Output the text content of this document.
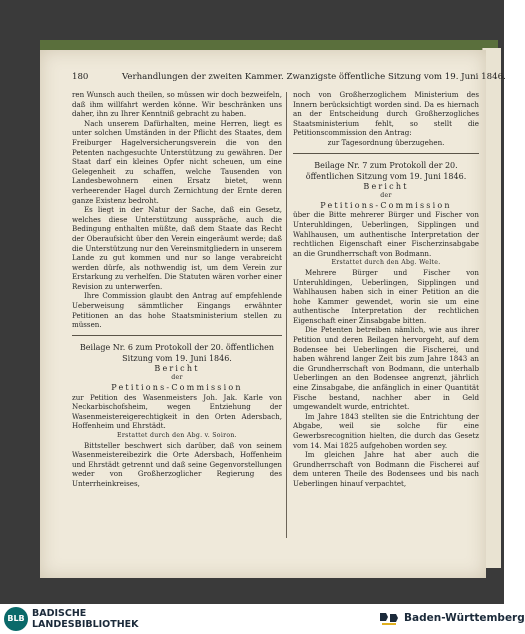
180	Verhandlungen der zweiten Kammer. Zwanzigste öffentliche Sitzung vom 19. Juni 1846.

ren Wunsch auch theilen, so müssen wir doch bezweifeln, daß ihm willfahrt werden könne. Wir beschränken uns daher, ihn zu Ihrer Kenntniß gebracht zu haben.

Nach unserem Dafürhalten, meine Herren, liegt es unter solchen Umständen in der Pflicht des Staates, dem Freiburger Hagelversicherungsverein die von den Petenten nachgesuchte Unterstützung zu gewähren. Der Staat darf ein kleines Opfer nicht scheuen, um eine Gelegenheit zu schaffen, welche Tausenden von Landesbewohnern einen Ersatz bietet, wenn verheerender Hagel durch Zernichtung der Ernte deren ganze Existenz bedroht.

Es liegt in der Natur der Sache, daß ein Gesetz, welches diese Unterstützung ausspräche, auch die Bedingung enthalten müßte, daß dem Staate das Recht der Oberaufsicht über den Verein eingeräumt werde; daß die Unterstützung nur den Vereinsmitgliedern in unserem Lande zu gut kommen und nur so lange verabreicht werden dürfe, als nothwendig ist, um dem Verein zur Erstarkung zu verhelfen. Die Statuten wären vorher einer Revision zu unterwerfen.

Ihre Commission glaubt den Antrag auf empfehlende Ueberweisung sämmtlicher Eingangs erwähnter Petitionen an das hohe Staatsministerium stellen zu müssen.

Beilage Nr. 6 zum Protokoll der 20. öffentlichen Sitzung vom 19. Juni 1846.

Bericht

der

Petitions-Commission

zur Petition des Wasenmeisters Joh. Jak. Karle von Neckarbischofsheim, wegen Entziehung der Wasenmeistereigerechtigkeit in den Orten Adersbach, Hoffenheim und Ehrstädt.

Erstattet durch den Abg. v. Soiron.

Bittsteller beschwert sich darüber, daß von seinem Wasenmeistereibezirk die Orte Adersbach, Hoffenheim und Ehrstädt getrennt und daß seine Gegenvorstellungen weder von Großherzoglicher Regierung des Unterrheinkreises,

noch von Großherzoglichem Ministerium des Innern berücksichtigt worden sind. Da es hiernach an der Entscheidung durch Großherzogliches Staatsministerium fehlt, so stellt die Petitionscommission den Antrag:

zur Tagesordnung überzugehen.

Beilage Nr. 7 zum Protokoll der 20. öffentlichen Sitzung vom 19. Juni 1846.

Bericht

der

Petitions-Commission

über die Bitte mehrerer Bürger und Fischer von Unteruhldingen, Ueberlingen, Sipplingen und Wahlhausen, um authentische Interpretation der rechtlichen Eigenschaft einer Fischerzinsabgabe an die Grundherrschaft von Bodmann.

Erstattet durch den Abg. Welte.

Mehrere Bürger und Fischer von Unteruhldingen, Ueberlingen, Sipplingen und Wahlhausen haben sich in einer Petition an die hohe Kammer gewendet, worin sie um eine authentische Interpretation der rechtlichen Eigenschaft einer Zinsabgabe bitten.

Die Petenten betreiben nämlich, wie aus ihrer Petition und deren Beilagen hervorgeht, auf dem Bodensee bei Ueberlingen die Fischerei, und haben während langer Zeit bis zum Jahre 1843 an die Grundherrschaft von Bodmann, die unterhalb Ueberlingen an den Bodensee angrenzt, jährlich eine Zinsabgabe, die anfänglich in einer Quantität Fische bestand, nachher aber in Geld umgewandelt wurde, entrichtet.

Im Jahre 1843 stellten sie die Entrichtung der Abgabe, weil sie solche für eine Gewerbsrecognition hielten, die durch das Gesetz vom 14. Mai 1825 aufgehoben worden sey.

Im gleichen Jahre hat aber auch die Grundherrschaft von Bodmann die Fischerei auf dem unteren Theile des Bodensees und bis nach Ueberlingen hinauf verpachtet,

BLB BADISCHE
LANDESBIBLIOTHEK
Baden-Württemberg
